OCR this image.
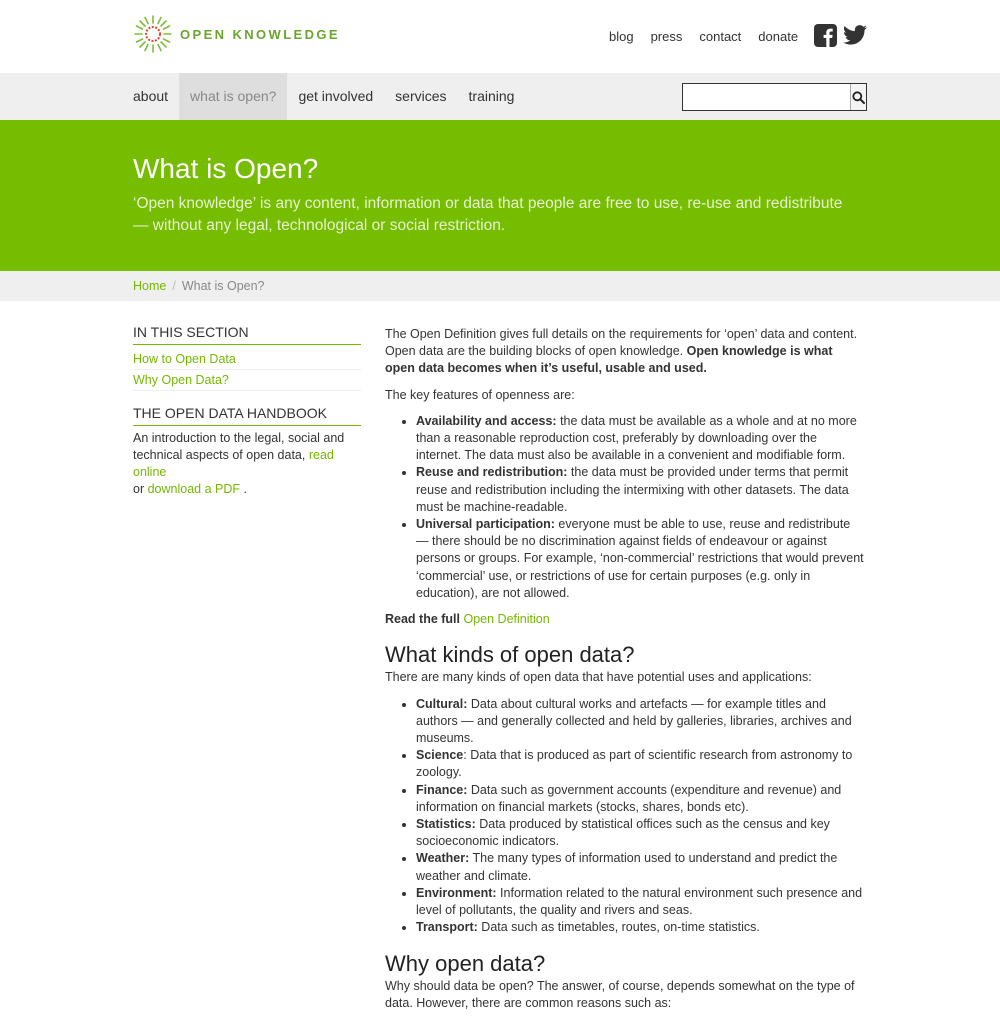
OPEN KNOWLEDGE	blog press contact donate
about	what is open?	get involved	services	training
What is Open?

‘Open knowledge’ is any content, information or data that people are free to use, re-use and redistribute — without any legal, technological or social restriction.

Home / What is Open?
IN THIS SECTION
How to Open Data
Why Open Data?
THE OPEN DATA HANDBOOK

An introduction to the legal, social and technical aspects of open data, read online
or download a PDF .

The Open Definition gives full details on the requirements for ‘open’ data and content. Open data are the building blocks of open knowledge. Open knowledge is what open data becomes when it’s useful, usable and used.

The key features of openness are:

• Availability and access: the data must be available as a whole and at no more than a reasonable reproduction cost, preferably by downloading over the internet. The data must also be available in a convenient and modifiable form.
• Reuse and redistribution: the data must be provided under terms that permit reuse and redistribution including the intermixing with other datasets. The data must be machine-readable.
• Universal participation: everyone must be able to use, reuse and redistribute — there should be no discrimination against fields of endeavour or against persons or groups. For example, ‘non-commercial’ restrictions that would prevent ‘commercial’ use, or restrictions of use for certain purposes (e.g. only in education), are not allowed.

Read the full Open Definition

What kinds of open data?

There are many kinds of open data that have potential uses and applications:

• Cultural: Data about cultural works and artefacts — for example titles and authors — and generally collected and held by galleries, libraries, archives and museums.
• Science: Data that is produced as part of scientific research from astronomy to zoology.
• Finance: Data such as government accounts (expenditure and revenue) and information on financial markets (stocks, shares, bonds etc).
• Statistics: Data produced by statistical offices such as the census and key socioeconomic indicators.
• Weather: The many types of information used to understand and predict the weather and climate.
• Environment: Information related to the natural environment such presence and level of pollutants, the quality and rivers and seas.
• Transport: Data such as timetables, routes, on-time statistics.
Why open data?

Why should data be open? The answer, of course, depends somewhat on the type of data. However, there are common reasons such as:
